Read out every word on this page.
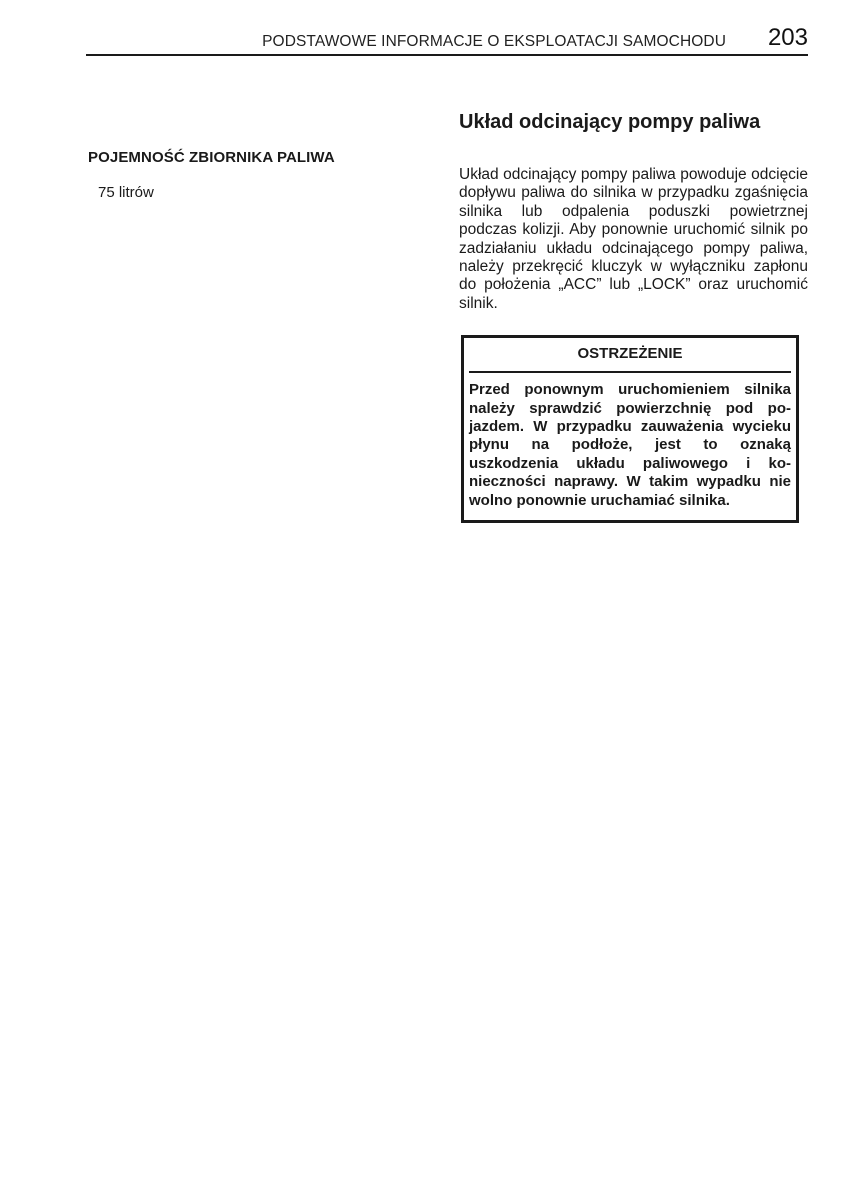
PODSTAWOWE INFORMACJE O EKSPLOATACJI SAMOCHODU 203
POJEMNOŚĆ ZBIORNIKA PALIWA

75 litrów

Układ odcinający pompy paliwa

Układ odcinający pompy paliwa powoduje odcięcie dopływu paliwa do silnika w przypadku zgaśnięcia silnika lub odpalenia poduszki powietrznej podczas kolizji. Aby ponownie uruchomić silnik po zadziałaniu układu odcinającego pompy paliwa, należy przekręcić kluczyk w wyłączniku zapłonu do położenia „ACC” lub „LOCK” oraz uruchomić silnik.

OSTRZEŻENIE
Przed ponownym uruchomieniem silnika należy sprawdzić powierzchnię pod pojazdem. W przypadku zauważenia wycieku płynu na podłoże, jest to oznaką uszkodzenia układu paliwowego i konieczności naprawy. W takim wypadku nie wolno ponownie uruchamiać silnika.
